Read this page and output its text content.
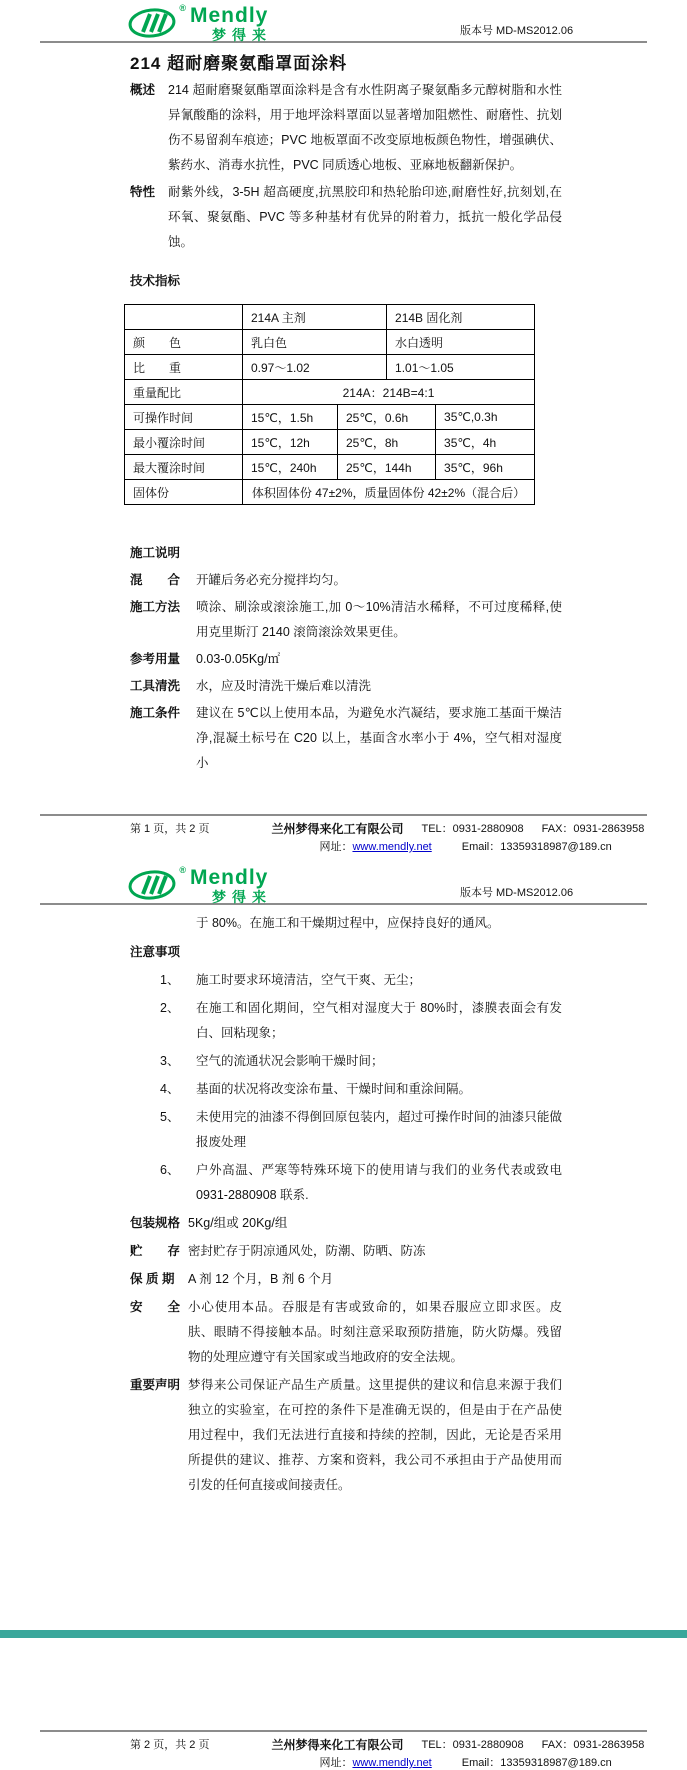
® Mendly
梦得来	版本号 MD-MS2012.06
214 超耐磨聚氨酯罩面涂料
概述	214 超耐磨聚氨酯罩面涂料是含有水性阴离子聚氨酯多元醇树脂和水性异氰酸酯的涂料，用于地坪涂料罩面以显著增加阻燃性、耐磨性、抗划伤不易留刹车痕迹；PVC 地板罩面不改变原地板颜色物性，增强碘伏、紫药水、消毒水抗性，PVC 同质透心地板、亚麻地板翻新保护。
特性	耐紫外线，3-5H 超高硬度,抗黑胶印和热轮胎印迹,耐磨性好,抗刻划,在环氧、聚氨酯、PVC 等多种基材有优异的附着力，抵抗一般化学品侵蚀。
技术指标
	214A 主剂		214B 固化剂	
颜　　色	乳白色		水白透明	
比　　重	0.97～1.02		1.01～1.05	
重量配比	214A：214B=4:1			
可操作时间	15℃，1.5h	25℃，0.6h		35℃,0.3h
最小覆涂时间	15℃，12h	25℃，8h		35℃，4h
最大覆涂时间	15℃，240h	25℃，144h		35℃，96h
固体份	体积固体份 47±2%，质量固体份 42±2%（混合后）			
施工说明
混　　合	开罐后务必充分搅拌均匀。
施工方法	喷涂、刷涂或滚涂施工,加 0～10%清洁水稀释，不可过度稀释,使用克里斯汀 2140 滚筒滚涂效果更佳。
参考用量	0.03-0.05Kg/㎡
工具清洗	水，应及时清洗干燥后难以清洗
施工条件	建议在 5℃以上使用本品，为避免水汽凝结，要求施工基面干燥洁净,混凝土标号在 C20 以上，基面含水率小于 4%，空气相对湿度小
第 1 页，共 2 页	兰州梦得来化工有限公司 TEL：0931-2880908 FAX：0931-2863958
网址：www.mendly.net	Email：13359318987@189.cn
® Mendly
梦得来	版本号 MD-MS2012.06
于 80%。在施工和干燥期过程中，应保持良好的通风。
注意事项
1、	施工时要求环境清洁，空气干爽、无尘；
2、	在施工和固化期间，空气相对湿度大于 80%时，漆膜表面会有发白、回粘现象；
3、	空气的流通状况会影响干燥时间；
4、	基面的状况将改变涂布量、干燥时间和重涂间隔。
5、	未使用完的油漆不得倒回原包装内，超过可操作时间的油漆只能做报废处理
6、	户外高温、严寒等特殊环境下的使用请与我们的业务代表或致电 0931-2880908 联系.
包装规格 5Kg/组或 20Kg/组
贮　　存 密封贮存于阴凉通风处，防潮、防晒、防冻
保 质 期	A 剂 12 个月，B 剂 6 个月
安　　全 小心使用本品。吞服是有害或致命的，如果吞服应立即求医。皮肤、眼睛不得接触本品。时刻注意采取预防措施，防火防爆。残留物的处理应遵守有关国家或当地政府的安全法规。
重要声明 梦得来公司保证产品生产质量。这里提供的建议和信息来源于我们独立的实验室，在可控的条件下是准确无误的，但是由于在产品使用过程中，我们无法进行直接和持续的控制，因此，无论是否采用所提供的建议、推荐、方案和资料，我公司不承担由于产品使用而引发的任何直接或间接责任。
第 2 页，共 2 页	兰州梦得来化工有限公司 TEL：0931-2880908 FAX：0931-2863958
网址：www.mendly.net	Email：13359318987@189.cn
